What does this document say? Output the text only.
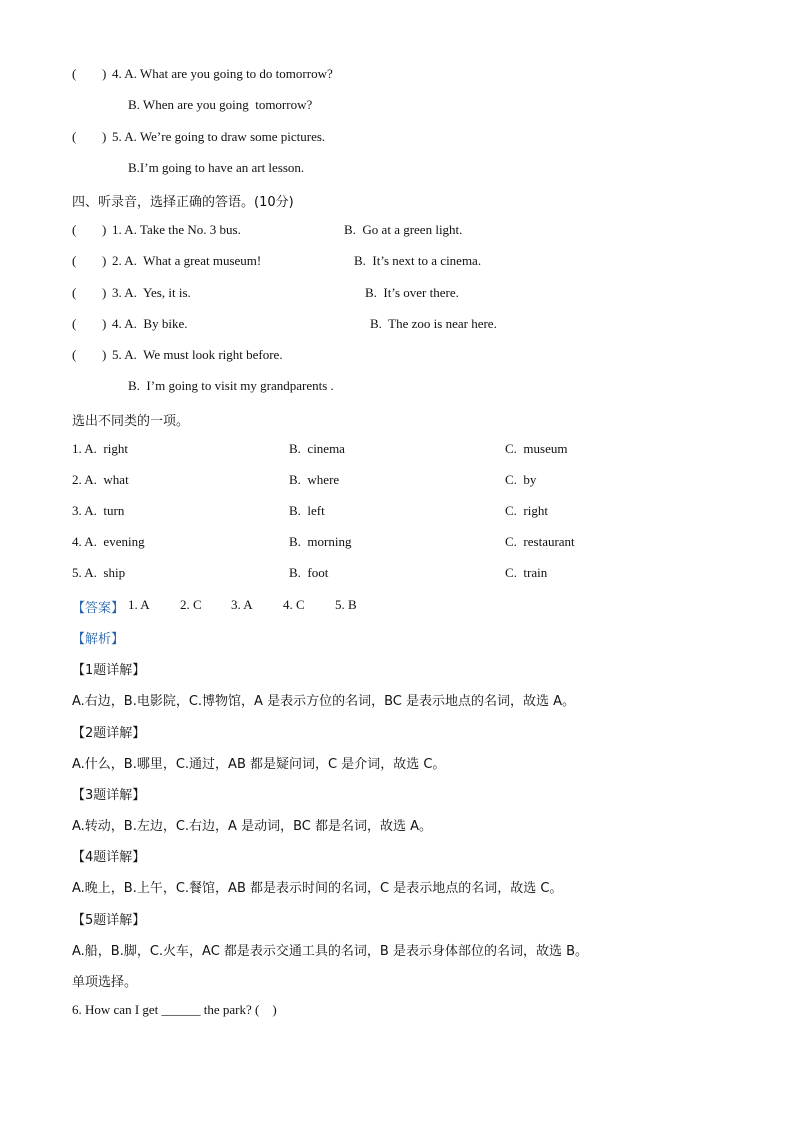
( ) 4. A. What are you going to do tomorrow?
B. When are you going  tomorrow?
( ) 5. A. We’re going to draw some pictures.
B.I’m going to have an art lesson.
四、听录音，选择正确的答语。(10分)
( ) 1. A. Take the No. 3 bus.	B.  Go at a green light.
( ) 2. A.  What a great museum!	B.  It’s next to a cinema.
( ) 3. A.  Yes, it is.	B.  It’s over there.
( ) 4. A.  By bike.	B.  The zoo is near here.
( ) 5. A.  We must look right before.
B.  I’m going to visit my grandparents .
选出不同类的一项。
1. A.  right	B.  cinema	C.  museum
2. A.  what	B.  where	C.  by
3. A.  turn	B.  left	C.  right
4. A.  evening	B.  morning	C.  restaurant
5. A.  ship	B.  foot	C.  train
【答案】 1. A 2. C 3. A 4. C 5. B
【解析】
【1题详解】
A.右边，B.电影院，C.博物馆，A 是表示方位的名词，BC 是表示地点的名词，故选 A。
【2题详解】
A.什么，B.哪里，C.通过，AB 都是疑问词，C 是介词，故选 C。
【3题详解】
A.转动，B.左边，C.右边，A 是动词，BC 都是名词，故选 A。
【4题详解】
A.晚上，B.上午，C.餐馆，AB 都是表示时间的名词，C 是表示地点的名词，故选 C。
【5题详解】
A.船，B.脚，C.火车，AC 都是表示交通工具的名词，B 是表示身体部位的名词，故选 B。
单项选择。
6. How can I get ______ the park? (    )
